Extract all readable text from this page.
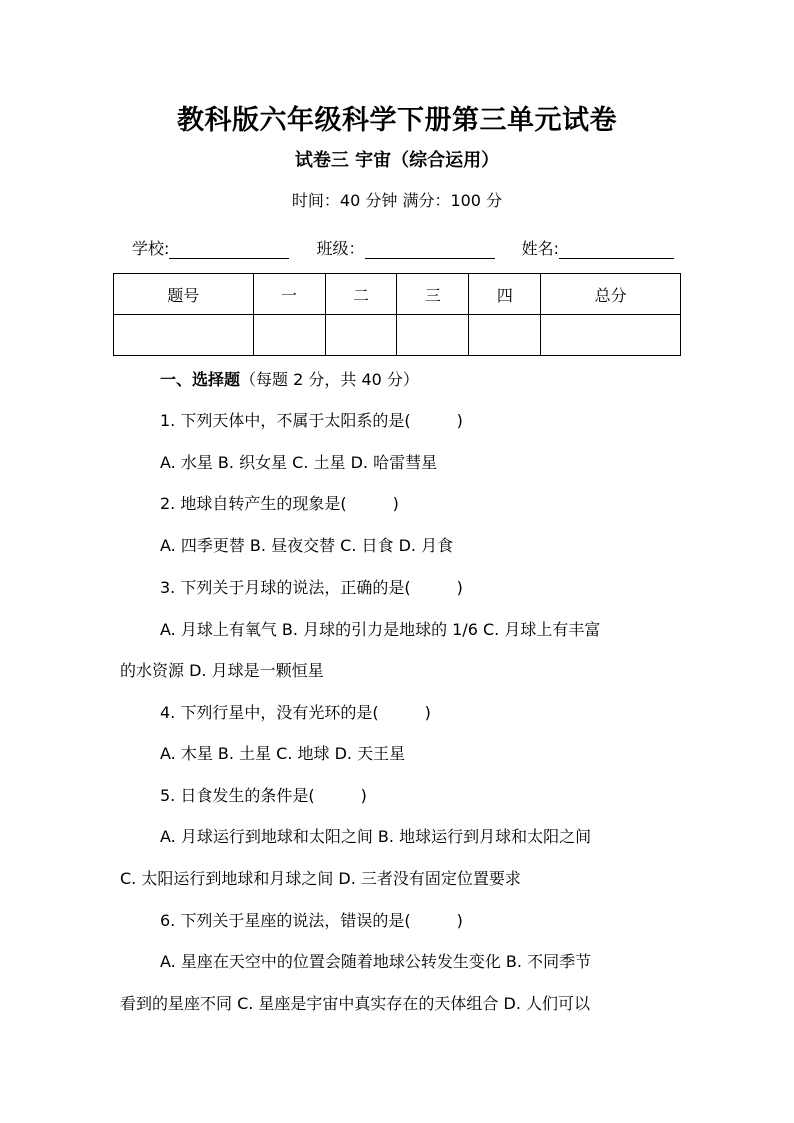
教科版六年级科学下册第三单元试卷
试卷三 宇宙（综合运用）
时间：40 分钟 满分：100 分
学校:	班级：	姓名:
题号	一	二	三	四	总分

一、选择题（每题 2 分，共 40 分）
1. 下列天体中，不属于太阳系的是(	)
A. 水星 B. 织女星 C. 土星 D. 哈雷彗星
2. 地球自转产生的现象是(	)
A. 四季更替 B. 昼夜交替 C. 日食 D. 月食
3. 下列关于月球的说法，正确的是(	)
A. 月球上有氧气 B. 月球的引力是地球的 1/6 C. 月球上有丰富
的水资源 D. 月球是一颗恒星
4. 下列行星中，没有光环的是(	)
A. 木星 B. 土星 C. 地球 D. 天王星
5. 日食发生的条件是(	)
A. 月球运行到地球和太阳之间 B. 地球运行到月球和太阳之间
C. 太阳运行到地球和月球之间 D. 三者没有固定位置要求
6. 下列关于星座的说法，错误的是(	)
A. 星座在天空中的位置会随着地球公转发生变化 B. 不同季节
看到的星座不同 C. 星座是宇宙中真实存在的天体组合 D. 人们可以
